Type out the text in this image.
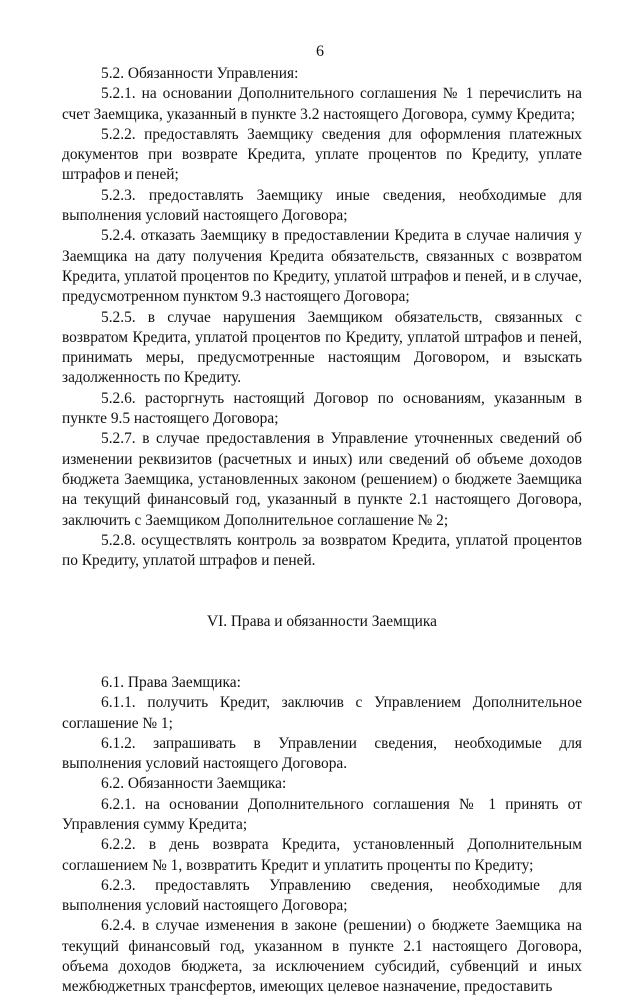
6

5.2. Обязанности Управления:

5.2.1. на основании Дополнительного соглашения № 1 перечислить на счет Заемщика, указанный в пункте 3.2 настоящего Договора, сумму Кредита;

5.2.2. предоставлять Заемщику сведения для оформления платежных документов при возврате Кредита, уплате процентов по Кредиту, уплате штрафов и пеней;

5.2.3. предоставлять Заемщику иные сведения, необходимые для выполнения условий настоящего Договора;

5.2.4. отказать Заемщику в предоставлении Кредита в случае наличия у Заемщика на дату получения Кредита обязательств, связанных с возвратом Кредита, уплатой процентов по Кредиту, уплатой штрафов и пеней, и в случае, предусмотренном пунктом 9.3 настоящего Договора;

5.2.5. в случае нарушения Заемщиком обязательств, связанных с возвратом Кредита, уплатой процентов по Кредиту, уплатой штрафов и пеней, принимать меры, предусмотренные настоящим Договором, и взыскать задолженность по Кредиту.

5.2.6. расторгнуть настоящий Договор по основаниям, указанным в пункте 9.5 настоящего Договора;

5.2.7. в случае предоставления в Управление уточненных сведений об изменении реквизитов (расчетных и иных) или сведений об объеме доходов бюджета Заемщика, установленных законом (решением) о бюджете Заемщика на текущий финансовый год, указанный в пункте 2.1 настоящего Договора, заключить с Заемщиком Дополнительное соглашение № 2;

5.2.8. осуществлять контроль за возвратом Кредита, уплатой процентов по Кредиту, уплатой штрафов и пеней.

VI. Права и обязанности Заемщика

6.1. Права Заемщика:

6.1.1. получить Кредит, заключив с Управлением Дополнительное соглашение № 1;

6.1.2. запрашивать в Управлении сведения, необходимые для выполнения условий настоящего Договора.

6.2. Обязанности Заемщика:

6.2.1. на основании Дополнительного соглашения № 1 принять от Управления сумму Кредита;

6.2.2. в день возврата Кредита, установленный Дополнительным соглашением № 1, возвратить Кредит и уплатить проценты по Кредиту;

6.2.3. предоставлять Управлению сведения, необходимые для выполнения условий настоящего Договора;

6.2.4. в случае изменения в законе (решении) о бюджете Заемщика на текущий финансовый год, указанном в пункте 2.1 настоящего Договора, объема доходов бюджета, за исключением субсидий, субвенций и иных межбюджетных трансфертов, имеющих целевое назначение, предоставить
